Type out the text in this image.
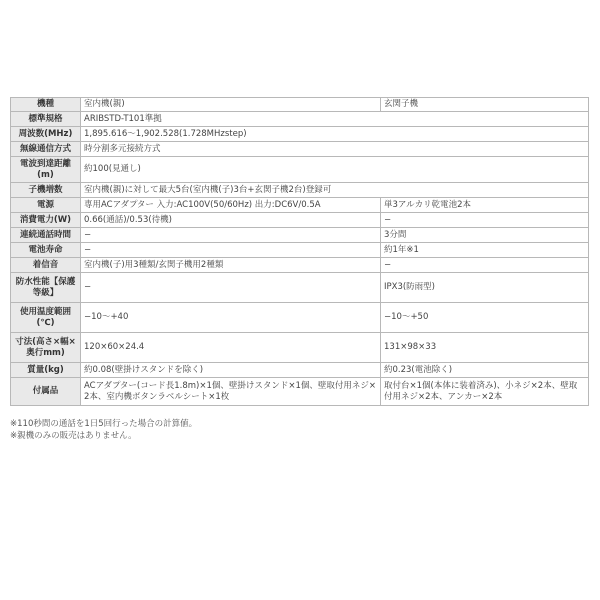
機種	室内機(親)	玄関子機
標準規格	ARIBSTD-T101準拠	
周波数(MHz)	1,895.616～1,902.528(1.728MHzstep)	
無線通信方式	時分割多元接続方式	
電波到達距離
(m)	約100(見通し)	
子機増数	室内機(親)に対して最大5台(室内機(子)3台+玄関子機2台)登録可	
電源	専用ACアダプター 入力:AC100V(50/60Hz) 出力:DC6V/0.5A	単3アルカリ乾電池2本
消費電力(W)	0.66(通話)/0.53(待機)	−
連続通話時間	−	3分間
電池寿命	−	約1年※1
着信音	室内機(子)用3種類/玄関子機用2種類	−
防水性能【保護
等級】	−	IPX3(防雨型)
使用温度範囲
(℃)	−10～+40	−10～+50
寸法(高さ×幅×
奥行mm)	120×60×24.4	131×98×33
質量(kg)	約0.08(壁掛けスタンドを除く)	約0.23(電池除く)
付属品	ACアダプター(コード長1.8m)×1個、壁掛けスタンド×1個、壁取付用ネジ×2本、室内機ボタンラベルシート×1枚	取付台×1個(本体に装着済み)、小ネジ×2本、壁取付用ネジ×2本、アンカー×2本
※110秒間の通話を1日5回行った場合の計算値。
※親機のみの販売はありません。
